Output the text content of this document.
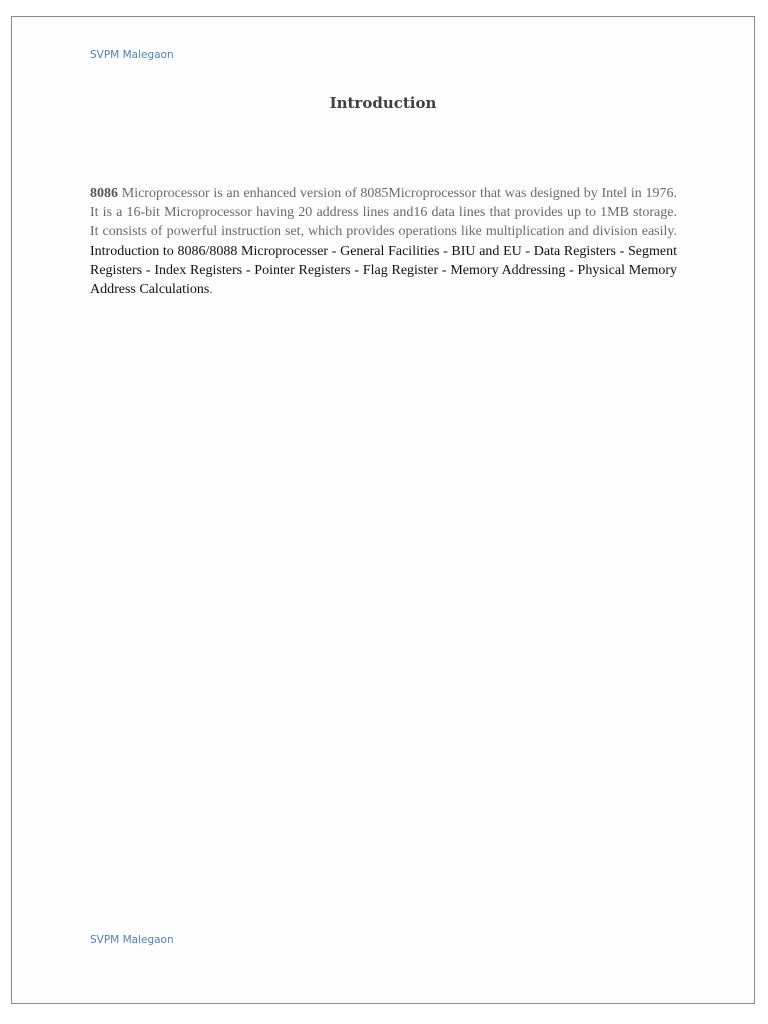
SVPM Malegaon
Introduction

8086 Microprocessor is an enhanced version of 8085Microprocessor that was designed by Intel in 1976. It is a 16-bit Microprocessor having 20 address lines and16 data lines that provides up to 1MB storage. It consists of powerful instruction set, which provides operations like multiplication and division easily. Introduction to 8086/8088 Microprocesser - General Facilities - BIU and EU - Data Registers - Segment Registers - Index Registers - Pointer Registers - Flag Register - Memory Addressing - Physical Memory Address Calculations.

SVPM Malegaon
